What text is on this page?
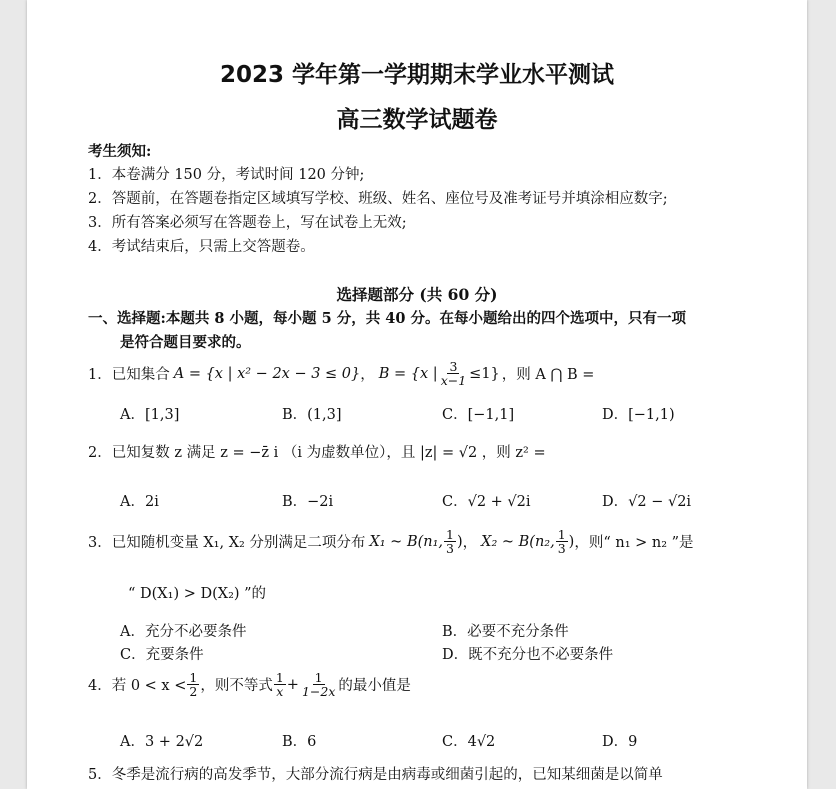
2023 学年第一学期期末学业水平测试
高三数学试题卷
考生须知:
1．本卷满分 150 分，考试时间 120 分钟;
2．答题前，在答题卷指定区域填写学校、班级、姓名、座位号及准考证号并填涂相应数字;
3．所有答案必须写在答题卷上，写在试卷上无效;
4．考试结束后，只需上交答题卷。
选择题部分 (共 60 分)
一、选择题:本题共 8 小题，每小题 5 分，共 40 分。在每小题给出的四个选项中，只有一项
是符合题目要求的。
1．已知集合 A = {x | x² − 2x − 3 ≤ 0} ， B = {x | $\frac{3}{x-1} \le 1$} ，则 A ⋂ B =
A．[1,3]	B．(1,3]	C．[−1,1]	D．[−1,1)
2．已知复数 z 满足 z = −z̄ i （i 为虚数单位），且 |z| = √2 ，则 z² =
A．2i	B．−2i	C．√2 + √2i	D．√2 − √2i
3．已知随机变量 X₁, X₂ 分别满足二项分布 X₁ ~ B(n₁, $\frac{1}{3}$ ) ， X₂ ~ B(n₂, $\frac{1}{3}$ ) ，则“ n₁ > n₂ ”是
“ D(X₁) > D(X₂) ”的
A．充分不必要条件	B．必要不充分条件
C．充要条件	D．既不充分也不必要条件
4．若 $0 < x < \frac{1}{2}$ ，则不等式 $\frac{1}{x} + \frac{1}{1-2x}$ 的最小值是
A．3 + 2√2	B．6	C．4√2	D．9
5．冬季是流行病的高发季节，大部分流行病是由病毒或细菌引起的，已知某细菌是以简单
